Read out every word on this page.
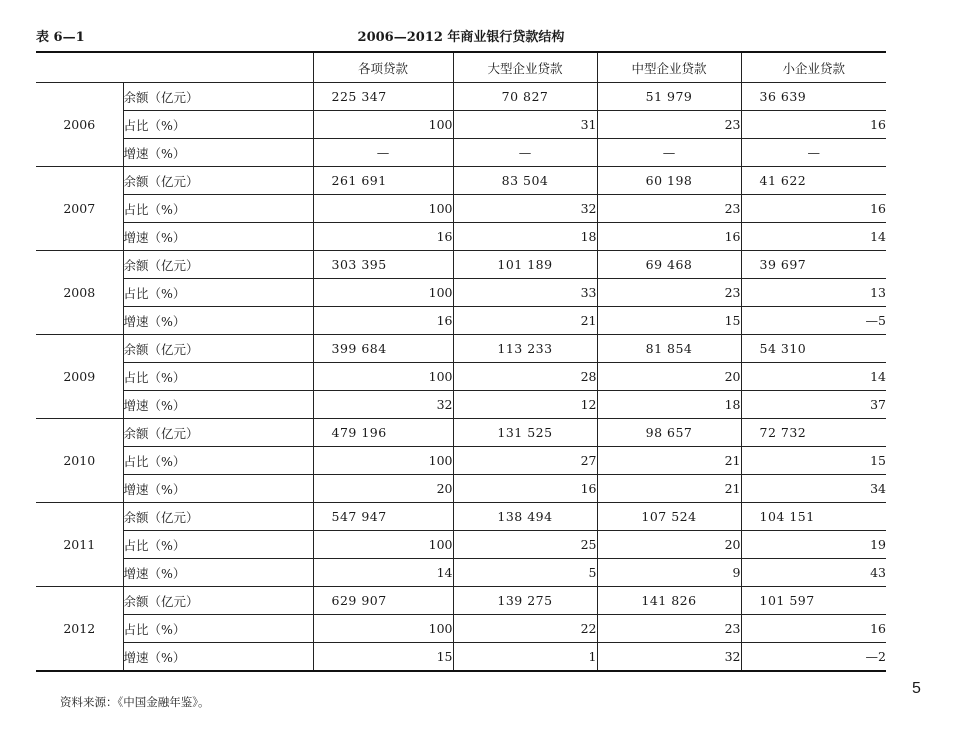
表 6—1	2006—2012 年商业银行贷款结构
		各项贷款	大型企业贷款	中型企业贷款	小企业贷款
2006	余额（亿元）	225 347	70 827	51 979	36 639
	占比（%）	100	31	23	16
	增速（%）	—	—	—	—
2007	余额（亿元）	261 691	83 504	60 198	41 622
	占比（%）	100	32	23	16
	增速（%）	16	18	16	14
2008	余额（亿元）	303 395	101 189	69 468	39 697
	占比（%）	100	33	23	13
	增速（%）	16	21	15	—5
2009	余额（亿元）	399 684	113 233	81 854	54 310
	占比（%）	100	28	20	14
	增速（%）	32	12	18	37
2010	余额（亿元）	479 196	131 525	98 657	72 732
	占比（%）	100	27	21	15
	增速（%）	20	16	21	34
2011	余额（亿元）	547 947	138 494	107 524	104 151
	占比（%）	100	25	20	19
	增速（%）	14	5	9	43
2012	余额（亿元）	629 907	139 275	141 826	101 597
	占比（%）	100	22	23	16
	增速（%）	15	1	32	—2
资料来源：《中国金融年鉴》。
5
